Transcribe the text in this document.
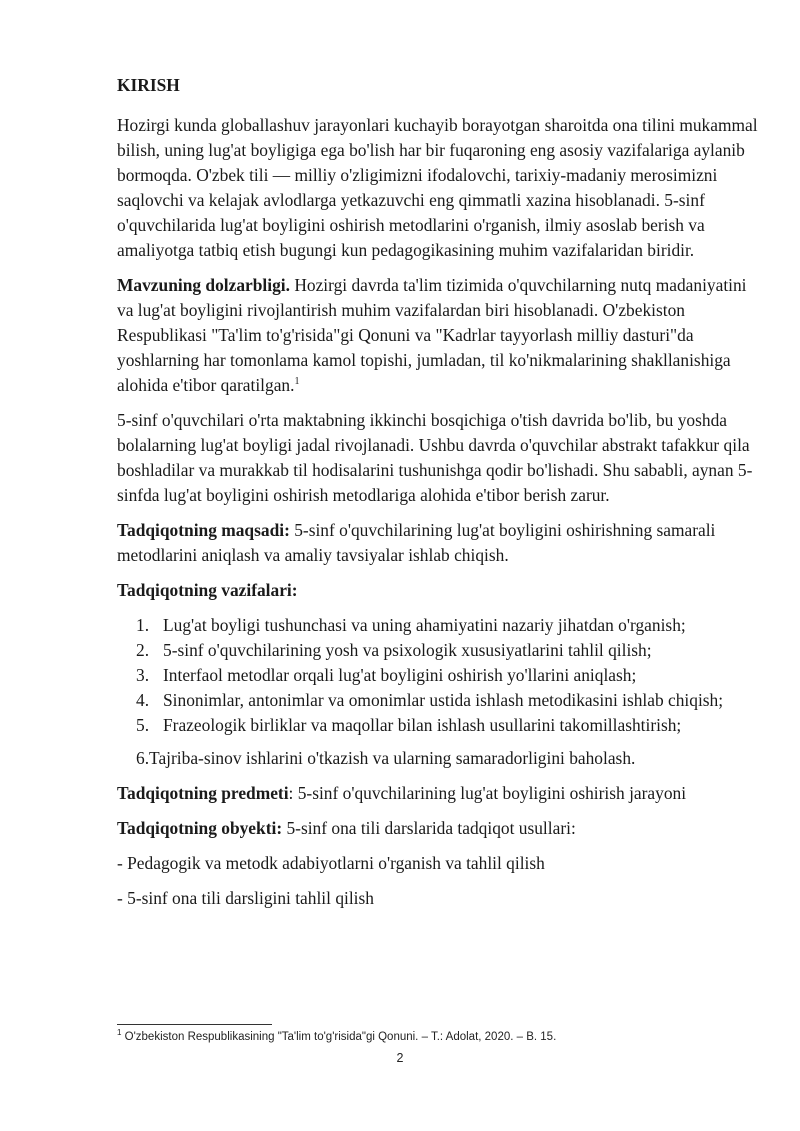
KIRISH

Hozirgi kunda globallashuv jarayonlari kuchayib borayotgan sharoitda ona tilini mukammal bilish, uning lug'at boyligiga ega bo'lish har bir fuqaroning eng asosiy vazifalariga aylanib bormoqda. O'zbek tili — milliy o'zligimizni ifodalovchi, tarixiy-madaniy merosimizni saqlovchi va kelajak avlodlarga yetkazuvchi eng qimmatli xazina hisoblanadi. 5-sinf o'quvchilarida lug'at boyligini oshirish metodlarini o'rganish, ilmiy asoslab berish va amaliyotga tatbiq etish bugungi kun pedagogikasining muhim vazifalaridan biridir.

Mavzuning dolzarbligi. Hozirgi davrda ta'lim tizimida o'quvchilarning nutq madaniyatini va lug'at boyligini rivojlantirish muhim vazifalardan biri hisoblanadi. O'zbekiston Respublikasi "Ta'lim to'g'risida"gi Qonuni va "Kadrlar tayyorlash milliy dasturi"da yoshlarning har tomonlama kamol topishi, jumladan, til ko'nikmalarining shakllanishiga alohida e'tibor qaratilgan.$^1$

5-sinf o'quvchilari o'rta maktabning ikkinchi bosqichiga o'tish davrida bo'lib, bu yoshda bolalarning lug'at boyligi jadal rivojlanadi. Ushbu davrda o'quvchilar abstrakt tafakkur qila boshladilar va murakkab til hodisalarini tushunishga qodir bo'lishadi. Shu sababli, aynan 5-sinfda lug'at boyligini oshirish metodlariga alohida e'tibor berish zarur.

Tadqiqotning maqsadi: 5-sinf o'quvchilarining lug'at boyligini oshirishning samarali metodlarini aniqlash va amaliy tavsiyalar ishlab chiqish.

Tadqiqotning vazifalari:

1. Lug'at boyligi tushunchasi va uning ahamiyatini nazariy jihatdan o'rganish;
2. 5-sinf o'quvchilarining yosh va psixologik xususiyatlarini tahlil qilish;
3. Interfaol metodlar orqali lug'at boyligini oshirish yo'llarini aniqlash;
4. Sinonimlar, antonimlar va omonimlar ustida ishlash metodikasini ishlab chiqish;
5. Frazeologik birliklar va maqollar bilan ishlash usullarini takomillashtirish;

6.Tajriba-sinov ishlarini o'tkazish va ularning samaradorligini baholash.

Tadqiqotning predmeti: 5-sinf o'quvchilarining lug'at boyligini oshirish jarayoni

Tadqiqotning obyekti: 5-sinf ona tili darslarida tadqiqot usullari:

- Pedagogik va metodk adabiyotlarni o'rganish va tahlil qilish

- 5-sinf ona tili darsligini tahlil qilish

$^1$ O'zbekiston Respublikasining "Ta'lim to'g'risida"gi Qonuni. – T.: Adolat, 2020. – B. 15.
2
